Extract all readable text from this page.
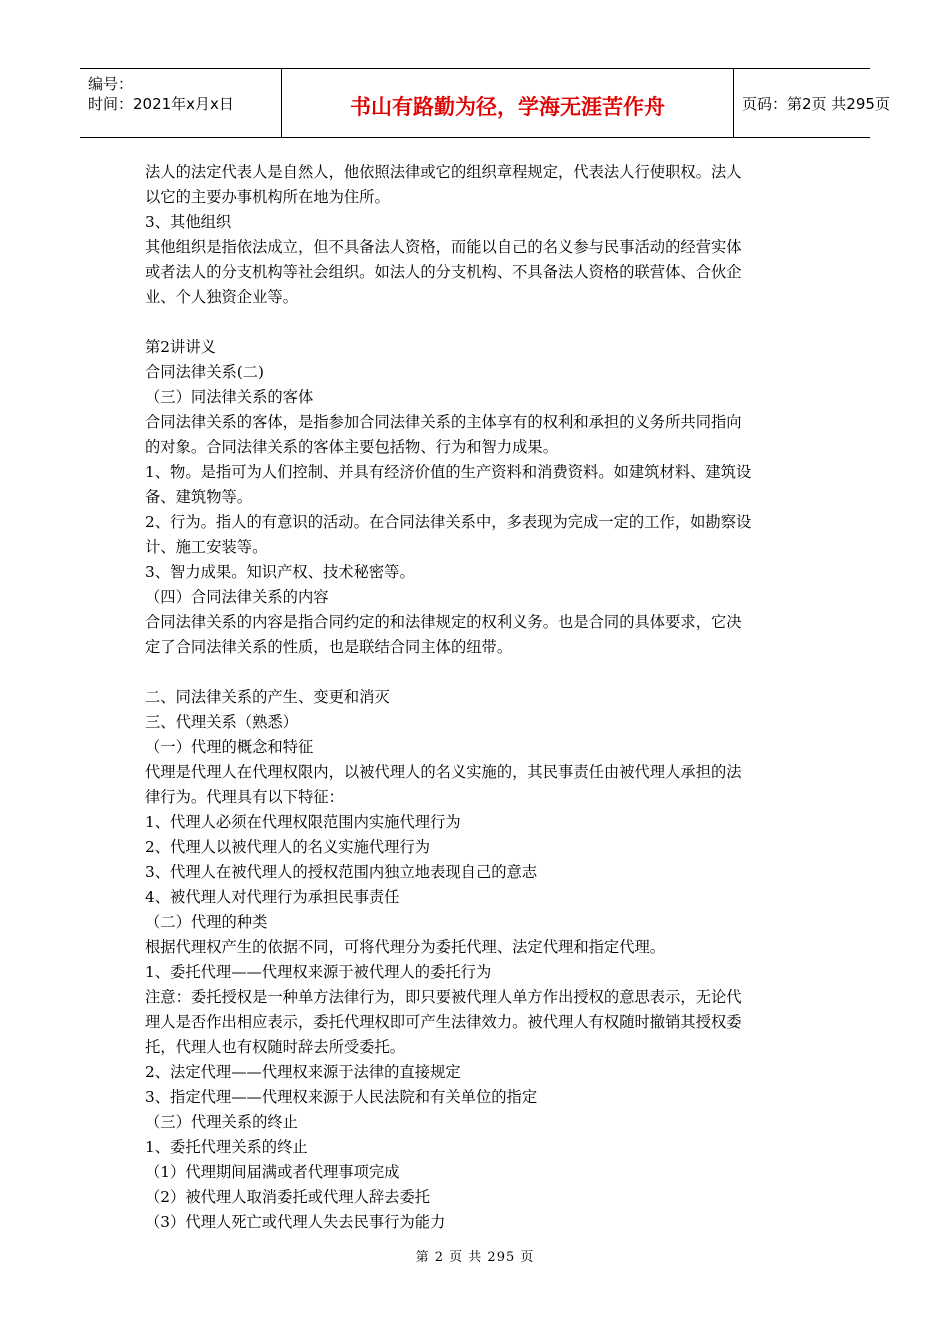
编号：
时间：2021年x月x日	书山有路勤为径，学海无涯苦作舟	页码：第2页 共295页
法人的法定代表人是自然人，他依照法律或它的组织章程规定，代表法人行使职权。法人
以它的主要办事机构所在地为住所。
3、其他组织
其他组织是指依法成立，但不具备法人资格，而能以自己的名义参与民事活动的经营实体
或者法人的分支机构等社会组织。如法人的分支机构、不具备法人资格的联营体、合伙企
业、个人独资企业等。
第2讲讲义
合同法律关系(二)
（三）同法律关系的客体
合同法律关系的客体，是指参加合同法律关系的主体享有的权利和承担的义务所共同指向
的对象。合同法律关系的客体主要包括物、行为和智力成果。
1、物。是指可为人们控制、并具有经济价值的生产资料和消费资料。如建筑材料、建筑设
备、建筑物等。
2、行为。指人的有意识的活动。在合同法律关系中，多表现为完成一定的工作，如勘察设
计、施工安装等。
3、智力成果。知识产权、技术秘密等。
（四）合同法律关系的内容
合同法律关系的内容是指合同约定的和法律规定的权利义务。也是合同的具体要求，它决
定了合同法律关系的性质，也是联结合同主体的纽带。
二、同法律关系的产生、变更和消灭
三、代理关系（熟悉）
（一）代理的概念和特征
代理是代理人在代理权限内，以被代理人的名义实施的，其民事责任由被代理人承担的法
律行为。代理具有以下特征：
1、代理人必须在代理权限范围内实施代理行为
2、代理人以被代理人的名义实施代理行为
3、代理人在被代理人的授权范围内独立地表现自己的意志
4、被代理人对代理行为承担民事责任
（二）代理的种类
根据代理权产生的依据不同，可将代理分为委托代理、法定代理和指定代理。
1、委托代理——代理权来源于被代理人的委托行为
注意：委托授权是一种单方法律行为，即只要被代理人单方作出授权的意思表示，无论代
理人是否作出相应表示，委托代理权即可产生法律效力。被代理人有权随时撤销其授权委
托，代理人也有权随时辞去所受委托。
2、法定代理——代理权来源于法律的直接规定
3、指定代理——代理权来源于人民法院和有关单位的指定
（三）代理关系的终止
1、委托代理关系的终止
（1）代理期间届满或者代理事项完成
（2）被代理人取消委托或代理人辞去委托
（3）代理人死亡或代理人失去民事行为能力
第 2 页 共 295 页
